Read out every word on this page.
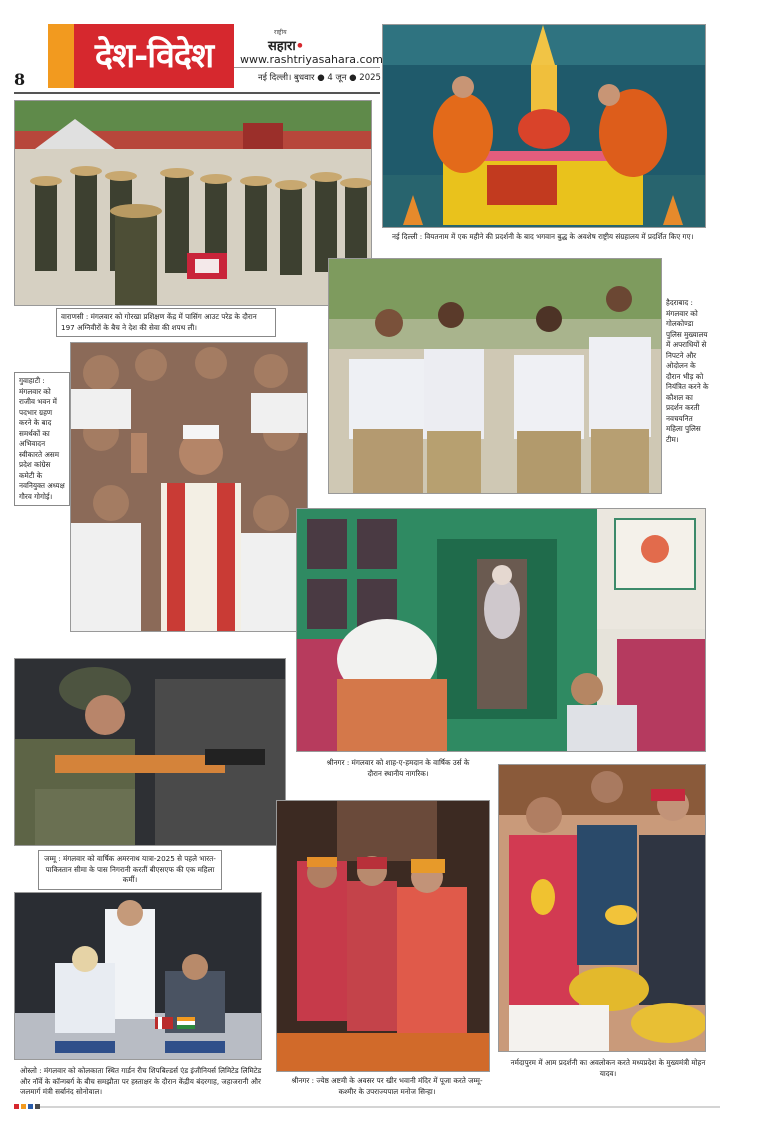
8
देश-विदेश
राष्ट्रीय
सहारा•
www.rashtriyasahara.com
नई दिल्ली। बुधवार ● 4 जून ● 2025
वाराणसी : मंगलवार को गोरखा प्रशिक्षण केंद्र में पासिंग आउट परेड के दौरान 197 अग्निवीरों के बैच ने देश की सेवा की शपथ ली।
नई दिल्ली : वियतनाम में एक महीने की प्रदर्शनी के बाद भगवान बुद्ध के अवशेष राष्ट्रीय संग्रहालय में प्रदर्शित किए गए।
हैदराबाद : मंगलवार को गोलकोण्डा पुलिस मुख्यालय में अपराधियों से निपटने और ओदोलन के दौरान भीड़ को नियंत्रित करने के कौशल का प्रदर्शन करती नवचयनित महिला पुलिस टीम।
गुवाहाटी : मंगलवार को राजीव भवन में पदभार ग्रहण करने के बाद समर्थकों का अभिवादन स्वीकारते असम प्रदेश कांग्रेस कमेटी के नवनियुक्त अध्यक्ष गौरव गोगोई।
श्रीनगर : मंगलवार को शाह-ए-हमदान के वार्षिक उर्स के दौरान स्थानीय नागरिक।
जम्मू : मंगलवार को वार्षिक अमरनाथ यात्रा-2025 से पहले भारत-पाकिस्तान सीमा के पास निगरानी करतीं बीएसएफ की एक महिला कर्मी।
ओस्लो : मंगलवार को कोलकाता स्थित गार्डन रीच शिपबिल्डर्स एंड इंजीनियर्स लिमिटेड लिमिटेड और नॉर्वे के कॉन्गबर्ग के बीच समझौता पर हस्ताक्षर के दौरान केंद्रीय बंदरगाह, जहाजरानी और जलमार्ग मंत्री सर्बानंद सोनोवाल।
श्रीनगर : ज्येष्ठ अष्टमी के अवसर पर खीर भवानी मंदिर में पूजा करते जम्मू-कश्मीर के उपराज्यपाल मनोज सिन्हा।
नर्मदापुरम में आम प्रदर्शनी का अवलोकन करते मध्यप्रदेश के मुख्यमंत्री मोहन यादव।
